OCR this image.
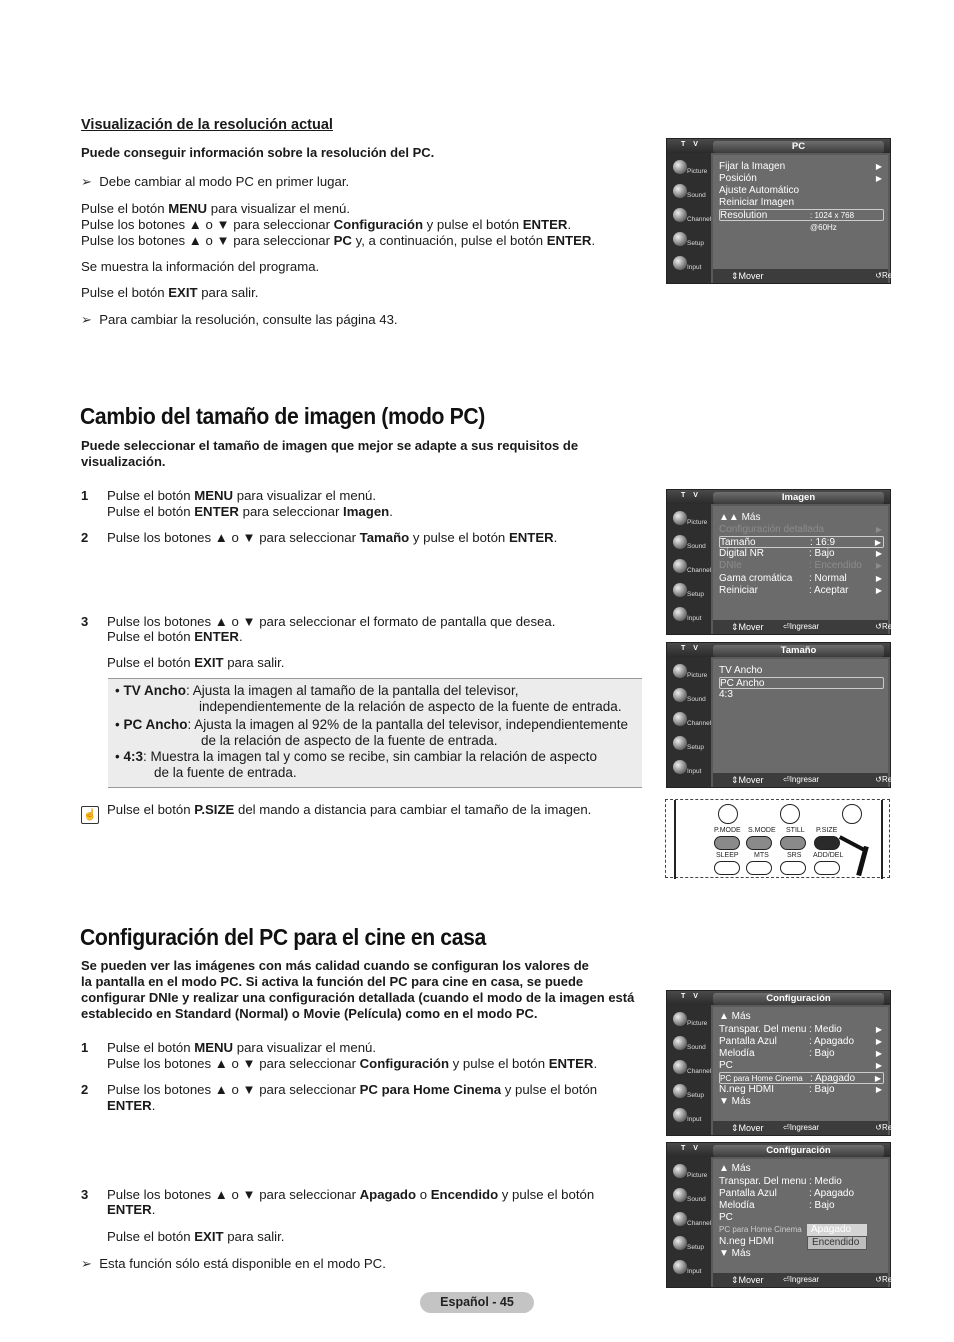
Visualización de la resolución actual
Puede conseguir información sobre la resolución del PC.
➢ Debe cambiar al modo PC en primer lugar.
Pulse el botón MENU para visualizar el menú.
Pulse los botones ▲ o ▼ para seleccionar Configuración y pulse el botón ENTER.
Pulse los botones ▲ o ▼ para seleccionar PC y, a continuación, pulse el botón ENTER.
Se muestra la información del programa.
Pulse el botón EXIT para salir.
➢ Para cambiar la resolución, consulte las página 43.
T V	PC
Picture
Sound
Channel
Setup
Input
Fijar la Imagen	▶
Posición	▶
Ajuste Automático
Reiniciar Imagen
Resolution	: 1024 x 768 @60Hz
⇕ Mover	↺ Regresar
Cambio del tamaño de imagen (modo PC)
Puede seleccionar el tamaño de imagen que mejor se adapte a sus requisitos de
visualización.
1 Pulse el botón MENU para visualizar el menú.
Pulse el botón ENTER para seleccionar Imagen.
2 Pulse los botones ▲ o ▼ para seleccionar Tamaño y pulse el botón ENTER.
3 Pulse los botones ▲ o ▼ para seleccionar el formato de pantalla que desea.
Pulse el botón ENTER.
Pulse el botón EXIT para salir.
• TV Ancho: Ajusta la imagen al tamaño de la pantalla del televisor,
independientemente de la relación de aspecto de la fuente de entrada.
• PC Ancho: Ajusta la imagen al 92% de la pantalla del televisor, independientemente
de la relación de aspecto de la fuente de entrada.
• 4:3: Muestra la imagen tal y como se recibe, sin cambiar la relación de aspecto
de la fuente de entrada.
☝ Pulse el botón P.SIZE del mando a distancia para cambiar el tamaño de la imagen.
T V	Imagen
Picture
Sound
Channel
Setup
Input
▲▲ Más
Configuración detallada	▶
Tamaño	: 16:9	▶
Digital NR	: Bajo	▶
DNIe	: Encendido ▶
Gama cromática : Normal	▶
Reiniciar	: Aceptar	▶
⇕ Mover ⏎ Ingresar	↺ Regresar
T V	Tamaño
Picture
Sound
Channel
Setup
Input
TV Ancho
PC Ancho
4:3
⇕ Mover ⏎ Ingresar	↺ Regresar
P.MODE S.MODE STILL P.SIZE
SLEEP MTS	SRS ADD/DEL
Configuración del PC para el cine en casa
Se pueden ver las imágenes con más calidad cuando se configuran los valores de
la pantalla en el modo PC. Si activa la función del PC para cine en casa, se puede
configurar DNIe y realizar una configuración detallada (cuando el modo de la imagen está
establecido en Standard (Normal) o Movie (Película) como en el modo PC.
1 Pulse el botón MENU para visualizar el menú.
Pulse los botones ▲ o ▼ para seleccionar Configuración y pulse el botón ENTER.
2 Pulse los botones ▲ o ▼ para seleccionar PC para Home Cinema y pulse el botón
ENTER.
3 Pulse los botones ▲ o ▼ para seleccionar Apagado o Encendido y pulse el botón
ENTER.
Pulse el botón EXIT para salir.
➢ Esta función sólo está disponible en el modo PC.
T V	Configuración
Picture
Sound
Channel
Setup
Input
▲ Más
Transpar. Del menu : Medio	▶
Pantalla Azul	: Apagado	▶
Melodía	: Bajo	▶
PC	▶
PC para Home Cinema : Apagado ▶
N.neg HDMI	: Bajo	▶
▼ Más
⇕ Mover ⏎ Ingresar	↺ Regresar
T V	Configuración
Picture
Sound
Channel
Setup
Input
▲ Más
Transpar. Del menu : Medio
Pantalla Azul	: Apagado
Melodía	: Bajo
PC
PC para Home Cinema Apagado
N.neg HDMI	Encendido
▼ Más
⇕ Mover ⏎ Ingresar	↺ Regresar
Español - 45
